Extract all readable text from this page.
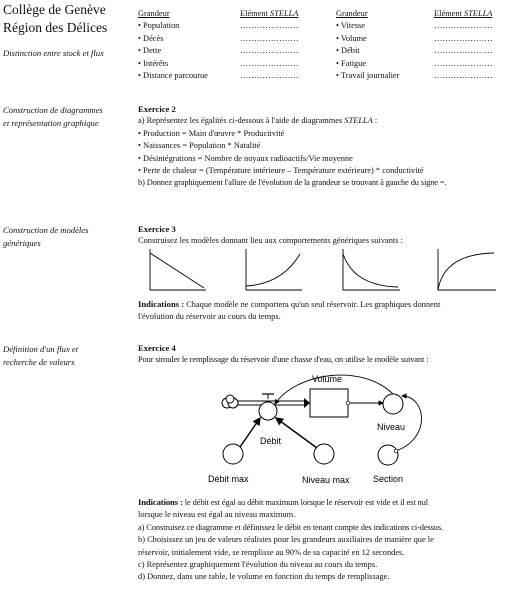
Collège de Genève
Région des Délices
Distinction entre stock et flux
Construction de diagrammes
et représentation graphique
Construction de modèles
génériques
Définition d'un flux et
recherche de valeurs
Grandeur	Elément STELLA	Grandeur	Elément STELLA
• Population	…………………	• Vitesse	…………………
• Décès	…………………	• Volume	…………………
• Dette	…………………	• Débit	…………………
• Intérêts	…………………	• Fatigue	…………………
• Distance parcourue	…………………	• Travail journalier	…………………
Exercice 2
a) Représentez les égalités ci-dessous à l'aide de diagrammes STELLA :
• Production = Main d'œuvre * Productivité
• Naissances = Population * Natalité
• Désintégrations = Nombre de noyaux radioactifs/Vie moyenne
• Perte de chaleur = (Température intérieure – Température extérieure) * conductivité
b) Donnez graphiquement l'allure de l'évolution de la grandeur se trouvant à gauche du signe =.
Exercice 3
Construisez les modèles donnant lieu aux comportements génériques suivants :
Indications : Chaque modèle ne comportera qu'un seul réservoir. Les graphiques donnent
l'évolution du réservoir au cours du temps.
Exercice 4
Pour simuler le remplissage du réservoir d'une chasse d'eau, on utilise le modèle suivant :
Volume
Débit
Niveau
Débit max	Niveau max	Section
Indications : le débit est égal au débit maximum lorsque le réservoir est vide et il est nul
lorsque le niveau est égal au niveau maximum.
a) Construisez ce diagramme et définissez le débit en tenant compte des indications ci-dessus.
b) Choisissez un jeu de valeurs réalistes pour les grandeurs auxiliaires de manière que le
réservoir, initialement vide, se remplisse au 90% de sa capacité en 12 secondes.
c) Représentez graphiquement l'évolution du niveau au cours du temps.
d) Donnez, dans une table, le volume en fonction du temps de remplissage.
